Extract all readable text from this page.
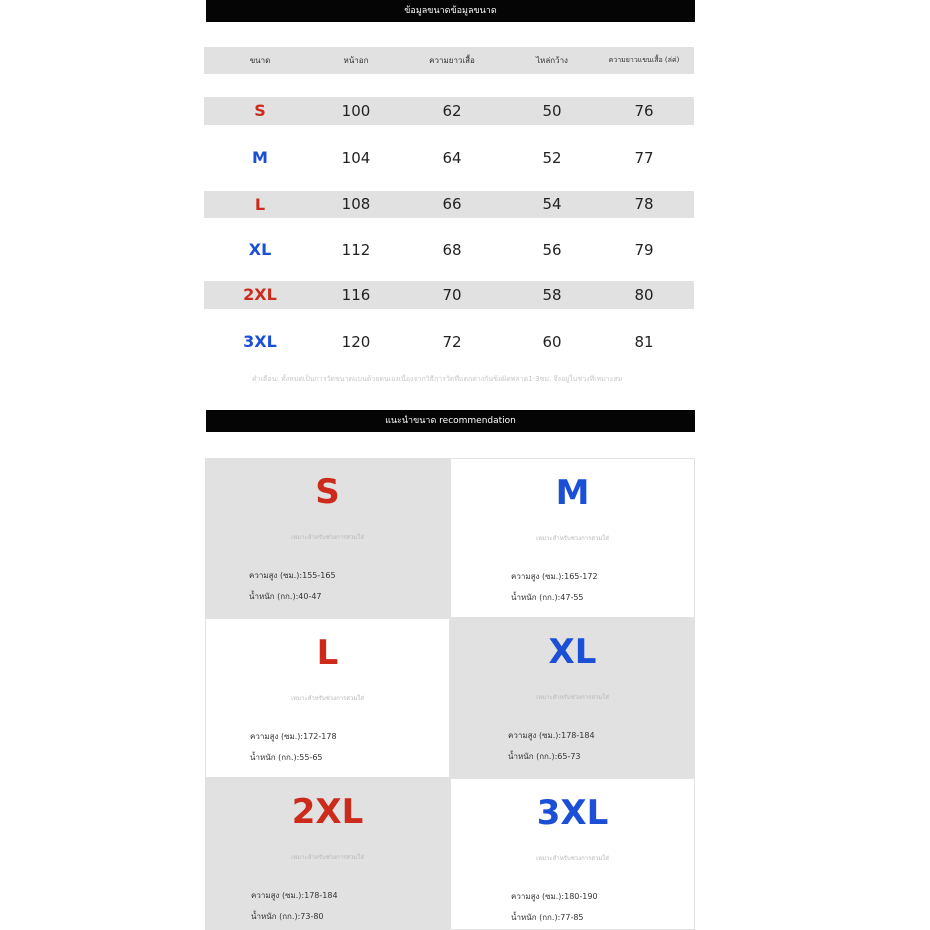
ข้อมูลขนาดข้อมูลขนาด
ขนาด	หน้าอก	ความยาวเสื้อ	ไหล่กว้าง	ความยาวแขนเสื้อ (ล่ค่)
S	100	62	50	76
M	104	64	52	77
L	108	66	54	78
XL	112	68	56	79
2XL	116	70	58	80
3XL	120	72	60	81
คำเตือน: ทั้งหมดเป็นการวัดขนาดแบนด้วยตนเองเนื่องจากวิธีการวัดที่แตกต่างกันข้อผิดพลาด1-3ซม. จึงอยู่ในช่วงที่เหมาะสม
แนะนำขนาด recommendation
S
เหมาะสำหรับช่วงการสวมใส่
ความสูง (ซม.):155-165
น้ำหนัก (กก.):40-47
M
เหมาะสำหรับช่วงการสวมใส่
ความสูง (ซม.):165-172
น้ำหนัก (กก.):47-55
L
เหมาะสำหรับช่วงการสวมใส่
ความสูง (ซม.):172-178
น้ำหนัก (กก.):55-65
XL
เหมาะสำหรับช่วงการสวมใส่
ความสูง (ซม.):178-184
น้ำหนัก (กก.):65-73
2XL
เหมาะสำหรับช่วงการสวมใส่
ความสูง (ซม.):178-184
น้ำหนัก (กก.):73-80
3XL
เหมาะสำหรับช่วงการสวมใส่
ความสูง (ซม.):180-190
น้ำหนัก (กก.):77-85
